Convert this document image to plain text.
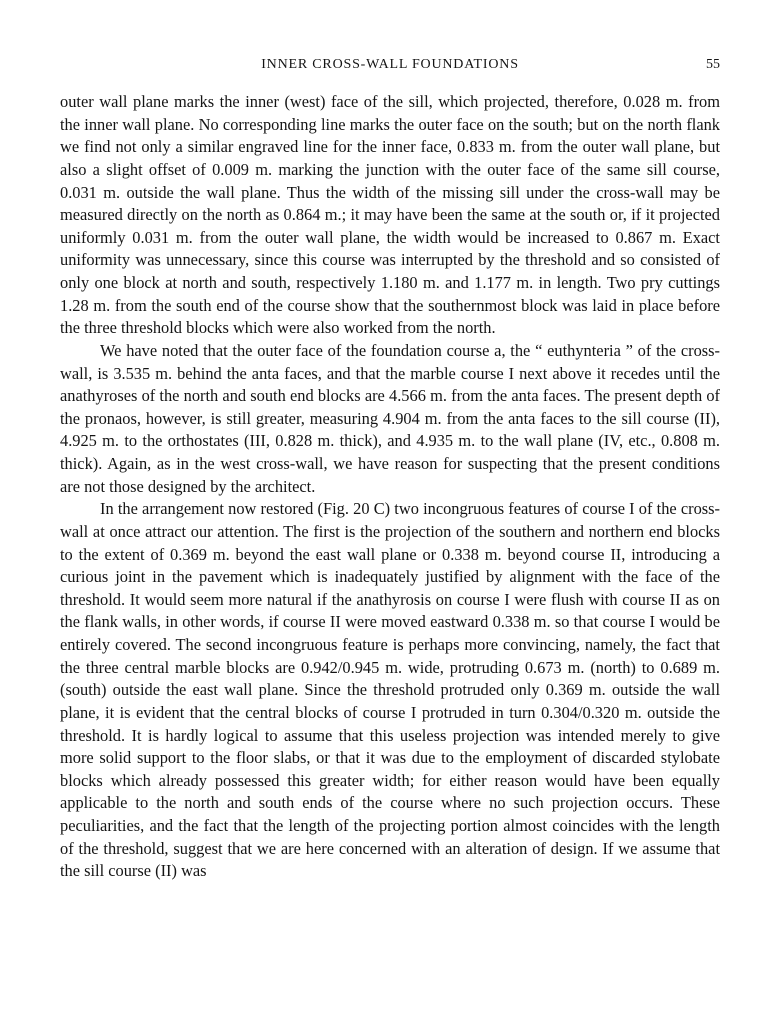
INNER CROSS-WALL FOUNDATIONS	55

outer wall plane marks the inner (west) face of the sill, which projected, therefore, 0.028 m. from the inner wall plane. No corresponding line marks the outer face on the south; but on the north flank we find not only a similar engraved line for the inner face, 0.833 m. from the outer wall plane, but also a slight offset of 0.009 m. marking the junction with the outer face of the same sill course, 0.031 m. outside the wall plane. Thus the width of the missing sill under the cross-wall may be measured directly on the north as 0.864 m.; it may have been the same at the south or, if it projected uniformly 0.031 m. from the outer wall plane, the width would be increased to 0.867 m. Exact uniformity was unnecessary, since this course was interrupted by the threshold and so consisted of only one block at north and south, respectively 1.180 m. and 1.177 m. in length. Two pry cuttings 1.28 m. from the south end of the course show that the southernmost block was laid in place before the three threshold blocks which were also worked from the north.

We have noted that the outer face of the foundation course a, the “ euthynteria ” of the cross-wall, is 3.535 m. behind the anta faces, and that the marble course I next above it recedes until the anathyroses of the north and south end blocks are 4.566 m. from the anta faces. The present depth of the pronaos, however, is still greater, measuring 4.904 m. from the anta faces to the sill course (II), 4.925 m. to the orthostates (III, 0.828 m. thick), and 4.935 m. to the wall plane (IV, etc., 0.808 m. thick). Again, as in the west cross-wall, we have reason for suspecting that the present conditions are not those designed by the architect.

In the arrangement now restored (Fig. 20 C) two incongruous features of course I of the cross-wall at once attract our attention. The first is the projection of the southern and northern end blocks to the extent of 0.369 m. beyond the east wall plane or 0.338 m. beyond course II, introducing a curious joint in the pavement which is inadequately justified by alignment with the face of the threshold. It would seem more natural if the anathyrosis on course I were flush with course II as on the flank walls, in other words, if course II were moved eastward 0.338 m. so that course I would be entirely covered. The second incongruous feature is perhaps more convincing, namely, the fact that the three central marble blocks are 0.942/0.945 m. wide, protruding 0.673 m. (north) to 0.689 m. (south) outside the east wall plane. Since the threshold protruded only 0.369 m. outside the wall plane, it is evident that the central blocks of course I protruded in turn 0.304/0.320 m. outside the threshold. It is hardly logical to assume that this useless projection was intended merely to give more solid support to the floor slabs, or that it was due to the employment of discarded stylobate blocks which already possessed this greater width; for either reason would have been equally applicable to the north and south ends of the course where no such projection occurs. These peculiarities, and the fact that the length of the projecting portion almost coincides with the length of the threshold, suggest that we are here concerned with an alteration of design. If we assume that the sill course (II) was
